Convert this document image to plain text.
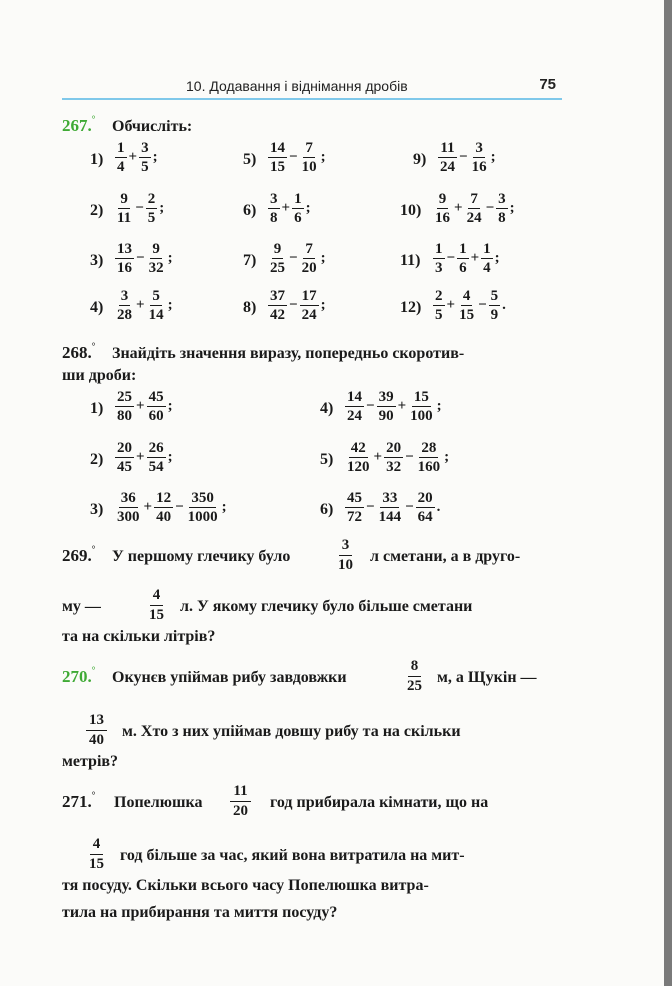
10. Додавання і віднімання дробів	75
267.° Обчисліть:
1)
2)
3)
4)
5)
6)
7)
8)
9)
10)
11)
12)
$\frac{1}{4} + \frac{3}{5}$ ;
$\frac{9}{11} - \frac{2}{5}$ ;
$\frac{13}{16} - \frac{9}{32}$ ;
$\frac{3}{28} + \frac{5}{14}$ ;
$\frac{14}{15} - \frac{7}{10}$ ;
$\frac{3}{8} + \frac{1}{6}$ ;
$\frac{9}{25} - \frac{7}{20}$ ;
$\frac{37}{42} - \frac{17}{24}$ ;
$\frac{11}{24} - \frac{3}{16}$ ;
$\frac{9}{16} + \frac{7}{24} - \frac{3}{8}$ ;
$\frac{1}{3} - \frac{1}{6} + \frac{1}{4}$ ;
$\frac{2}{5} + \frac{4}{15} - \frac{5}{9}$ .
268.° Знайдіть значення виразу, попередньо скоротив-
ши дроби:
1)
2)
3)
4)
5)
6)
$\frac{25}{80} + \frac{45}{60}$ ;
$\frac{20}{45} + \frac{26}{54}$ ;
$\frac{36}{300} + \frac{12}{40} - \frac{350}{1000}$ ;
$\frac{14}{24} - \frac{39}{90} + \frac{15}{100}$ ;
$\frac{42}{120} + \frac{20}{32} - \frac{28}{160}$ ;
$\frac{45}{72} - \frac{33}{144} - \frac{20}{64}$ .
269.° У першому глечику було
3
10 л сметани, а в друго-
му —
4
15 л. У якому глечику було більше сметани
та на скільки літрів?
270.° Окунєв упіймав рибу завдовжки
8
25 м, а Щукін —
13
40 м. Хто з них упіймав довшу рибу та на скільки
метрів?
271.° Попелюшка
11
20 год прибирала кімнати, що на
4
15 год більше за час, який вона витратила на мит-
тя посуду. Скільки всього часу Попелюшка витра-
тила на прибирання та миття посуду?
